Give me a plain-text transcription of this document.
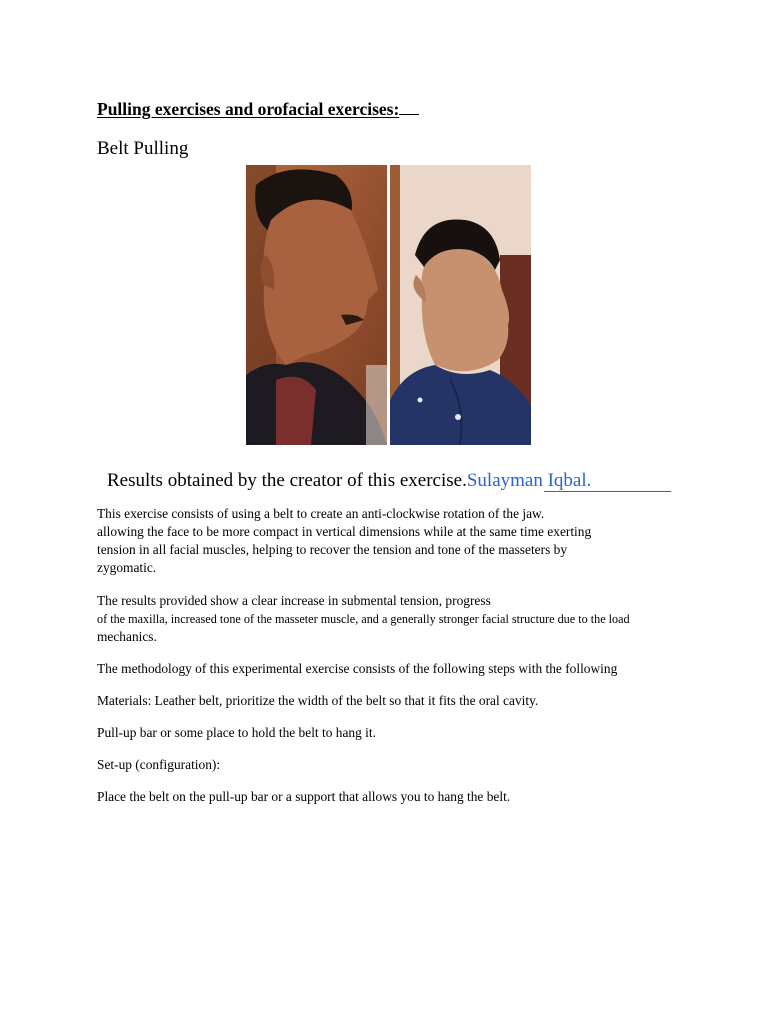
Pulling exercises and orofacial exercises:
Belt Pulling
Results obtained by the creator of this exercise.Sulayman Iqbal.
This exercise consists of using a belt to create an anti-clockwise rotation of the jaw.
allowing the face to be more compact in vertical dimensions while at the same time exerting
tension in all facial muscles, helping to recover the tension and tone of the masseters by
zygomatic.
The results provided show a clear increase in submental tension, progress
of the maxilla, increased tone of the masseter muscle, and a generally stronger facial structure due to the load
mechanics.
The methodology of this experimental exercise consists of the following steps with the following
Materials: Leather belt, prioritize the width of the belt so that it fits the oral cavity.
Pull-up bar or some place to hold the belt to hang it.
Set-up (configuration):
Place the belt on the pull-up bar or a support that allows you to hang the belt.
